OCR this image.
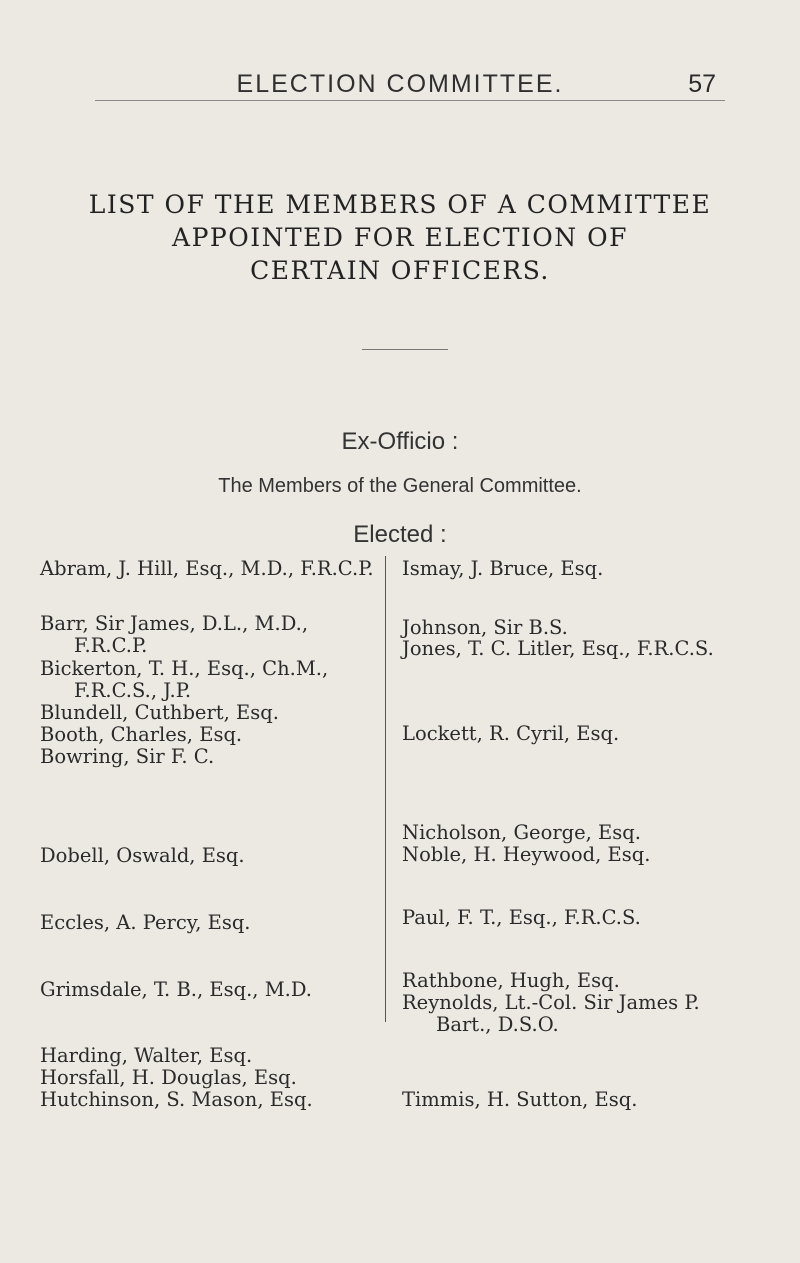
ELECTION COMMITTEE.	57
LIST OF THE MEMBERS OF A COMMITTEE
APPOINTED FOR ELECTION OF
CERTAIN OFFICERS.
Ex-Officio :
The Members of the General Committee.
Elected :
Abram, J. Hill, Esq., M.D., F.R.C.P.
Barr, Sir James, D.L., M.D.,
F.R.C.P.
Bickerton, T. H., Esq., Ch.M.,
F.R.C.S., J.P.
Blundell, Cuthbert, Esq.
Booth, Charles, Esq.
Bowring, Sir F. C.
Dobell, Oswald, Esq.
Eccles, A. Percy, Esq.
Grimsdale, T. B., Esq., M.D.
Harding, Walter, Esq.
Horsfall, H. Douglas, Esq.
Hutchinson, S. Mason, Esq.
Ismay, J. Bruce, Esq.
Johnson, Sir B.S.
Jones, T. C. Litler, Esq., F.R.C.S.
Lockett, R. Cyril, Esq.
Nicholson, George, Esq.
Noble, H. Heywood, Esq.
Paul, F. T., Esq., F.R.C.S.
Rathbone, Hugh, Esq.
Reynolds, Lt.-Col. Sir James P.
Bart., D.S.O.
Timmis, H. Sutton, Esq.
